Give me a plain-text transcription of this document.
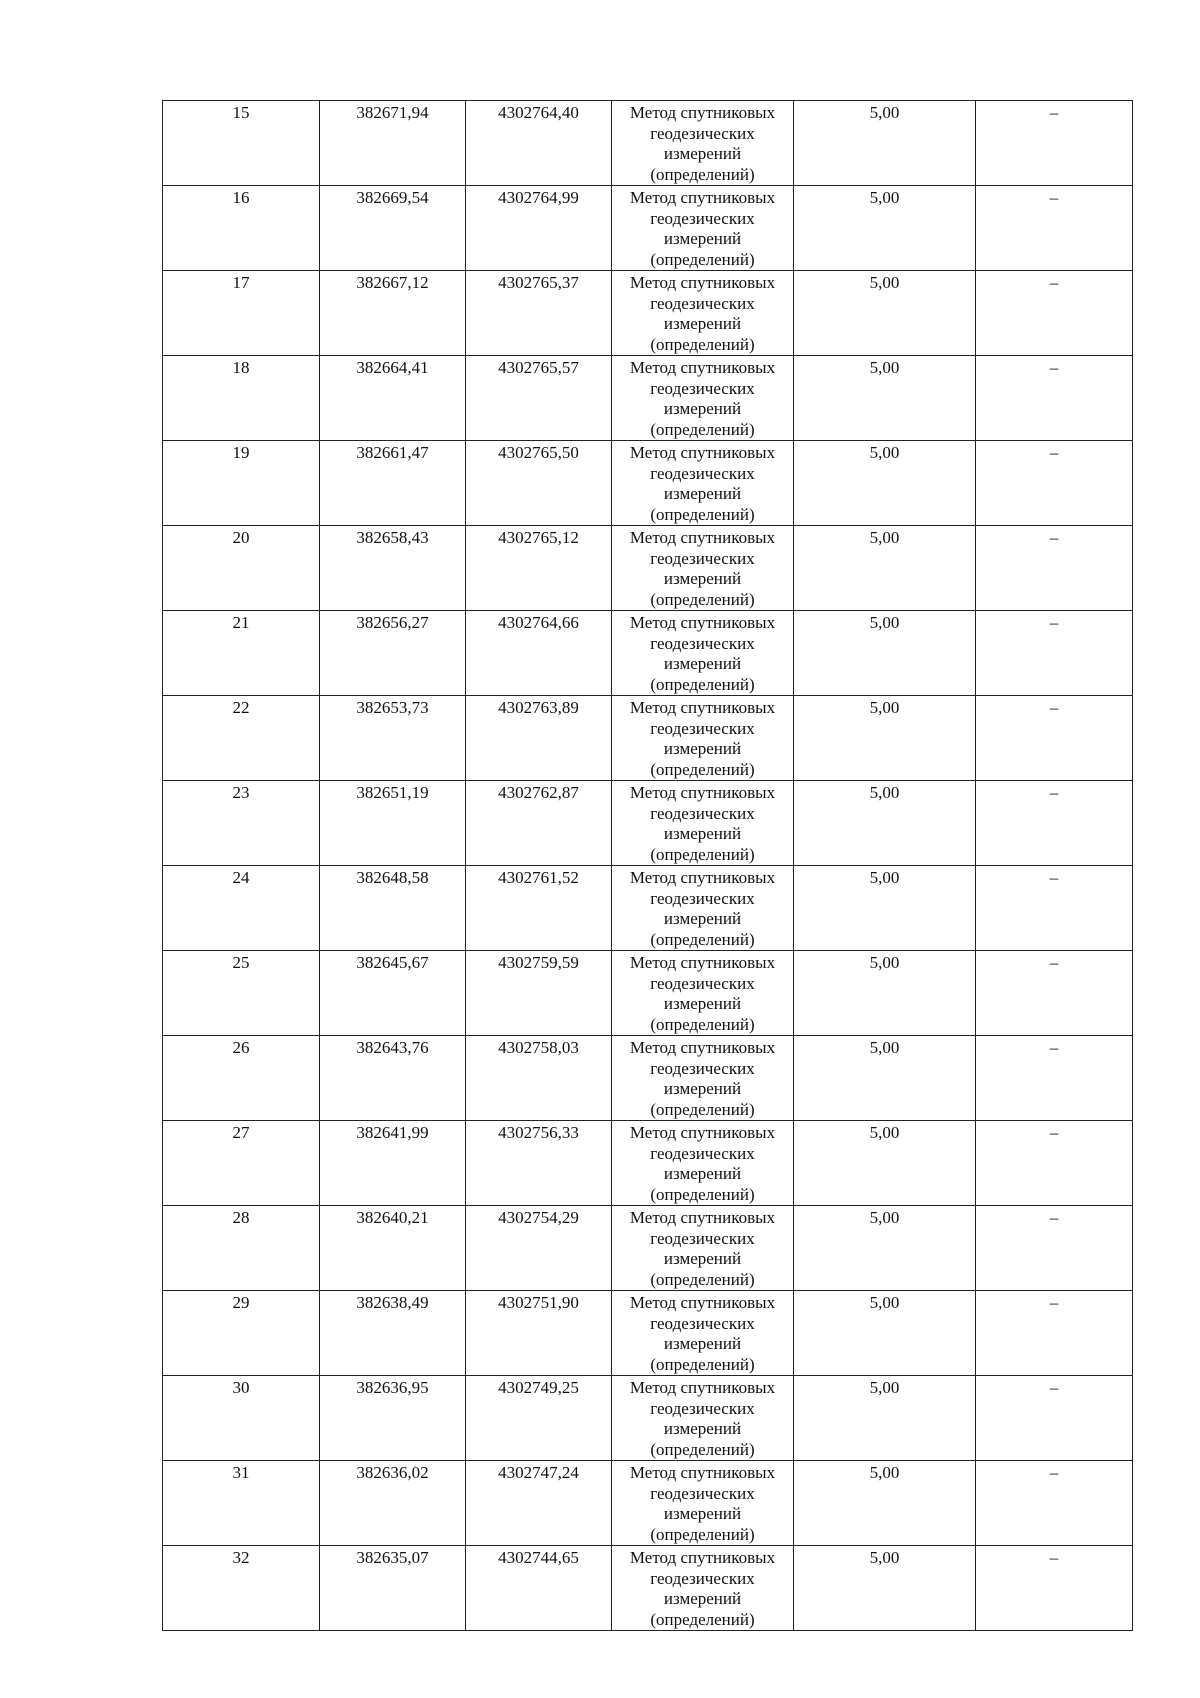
15	382671,94	4302764,40	Метод спутниковых
геодезических
измерений
(определений)	5,00	–
16	382669,54	4302764,99	Метод спутниковых
геодезических
измерений
(определений)	5,00	–
17	382667,12	4302765,37	Метод спутниковых
геодезических
измерений
(определений)	5,00	–
18	382664,41	4302765,57	Метод спутниковых
геодезических
измерений
(определений)	5,00	–
19	382661,47	4302765,50	Метод спутниковых
геодезических
измерений
(определений)	5,00	–
20	382658,43	4302765,12	Метод спутниковых
геодезических
измерений
(определений)	5,00	–
21	382656,27	4302764,66	Метод спутниковых
геодезических
измерений
(определений)	5,00	–
22	382653,73	4302763,89	Метод спутниковых
геодезических
измерений
(определений)	5,00	–
23	382651,19	4302762,87	Метод спутниковых
геодезических
измерений
(определений)	5,00	–
24	382648,58	4302761,52	Метод спутниковых
геодезических
измерений
(определений)	5,00	–
25	382645,67	4302759,59	Метод спутниковых
геодезических
измерений
(определений)	5,00	–
26	382643,76	4302758,03	Метод спутниковых
геодезических
измерений
(определений)	5,00	–
27	382641,99	4302756,33	Метод спутниковых
геодезических
измерений
(определений)	5,00	–
28	382640,21	4302754,29	Метод спутниковых
геодезических
измерений
(определений)	5,00	–
29	382638,49	4302751,90	Метод спутниковых
геодезических
измерений
(определений)	5,00	–
30	382636,95	4302749,25	Метод спутниковых
геодезических
измерений
(определений)	5,00	–
31	382636,02	4302747,24	Метод спутниковых
геодезических
измерений
(определений)	5,00	–
32	382635,07	4302744,65	Метод спутниковых
геодезических
измерений
(определений)	5,00	–
